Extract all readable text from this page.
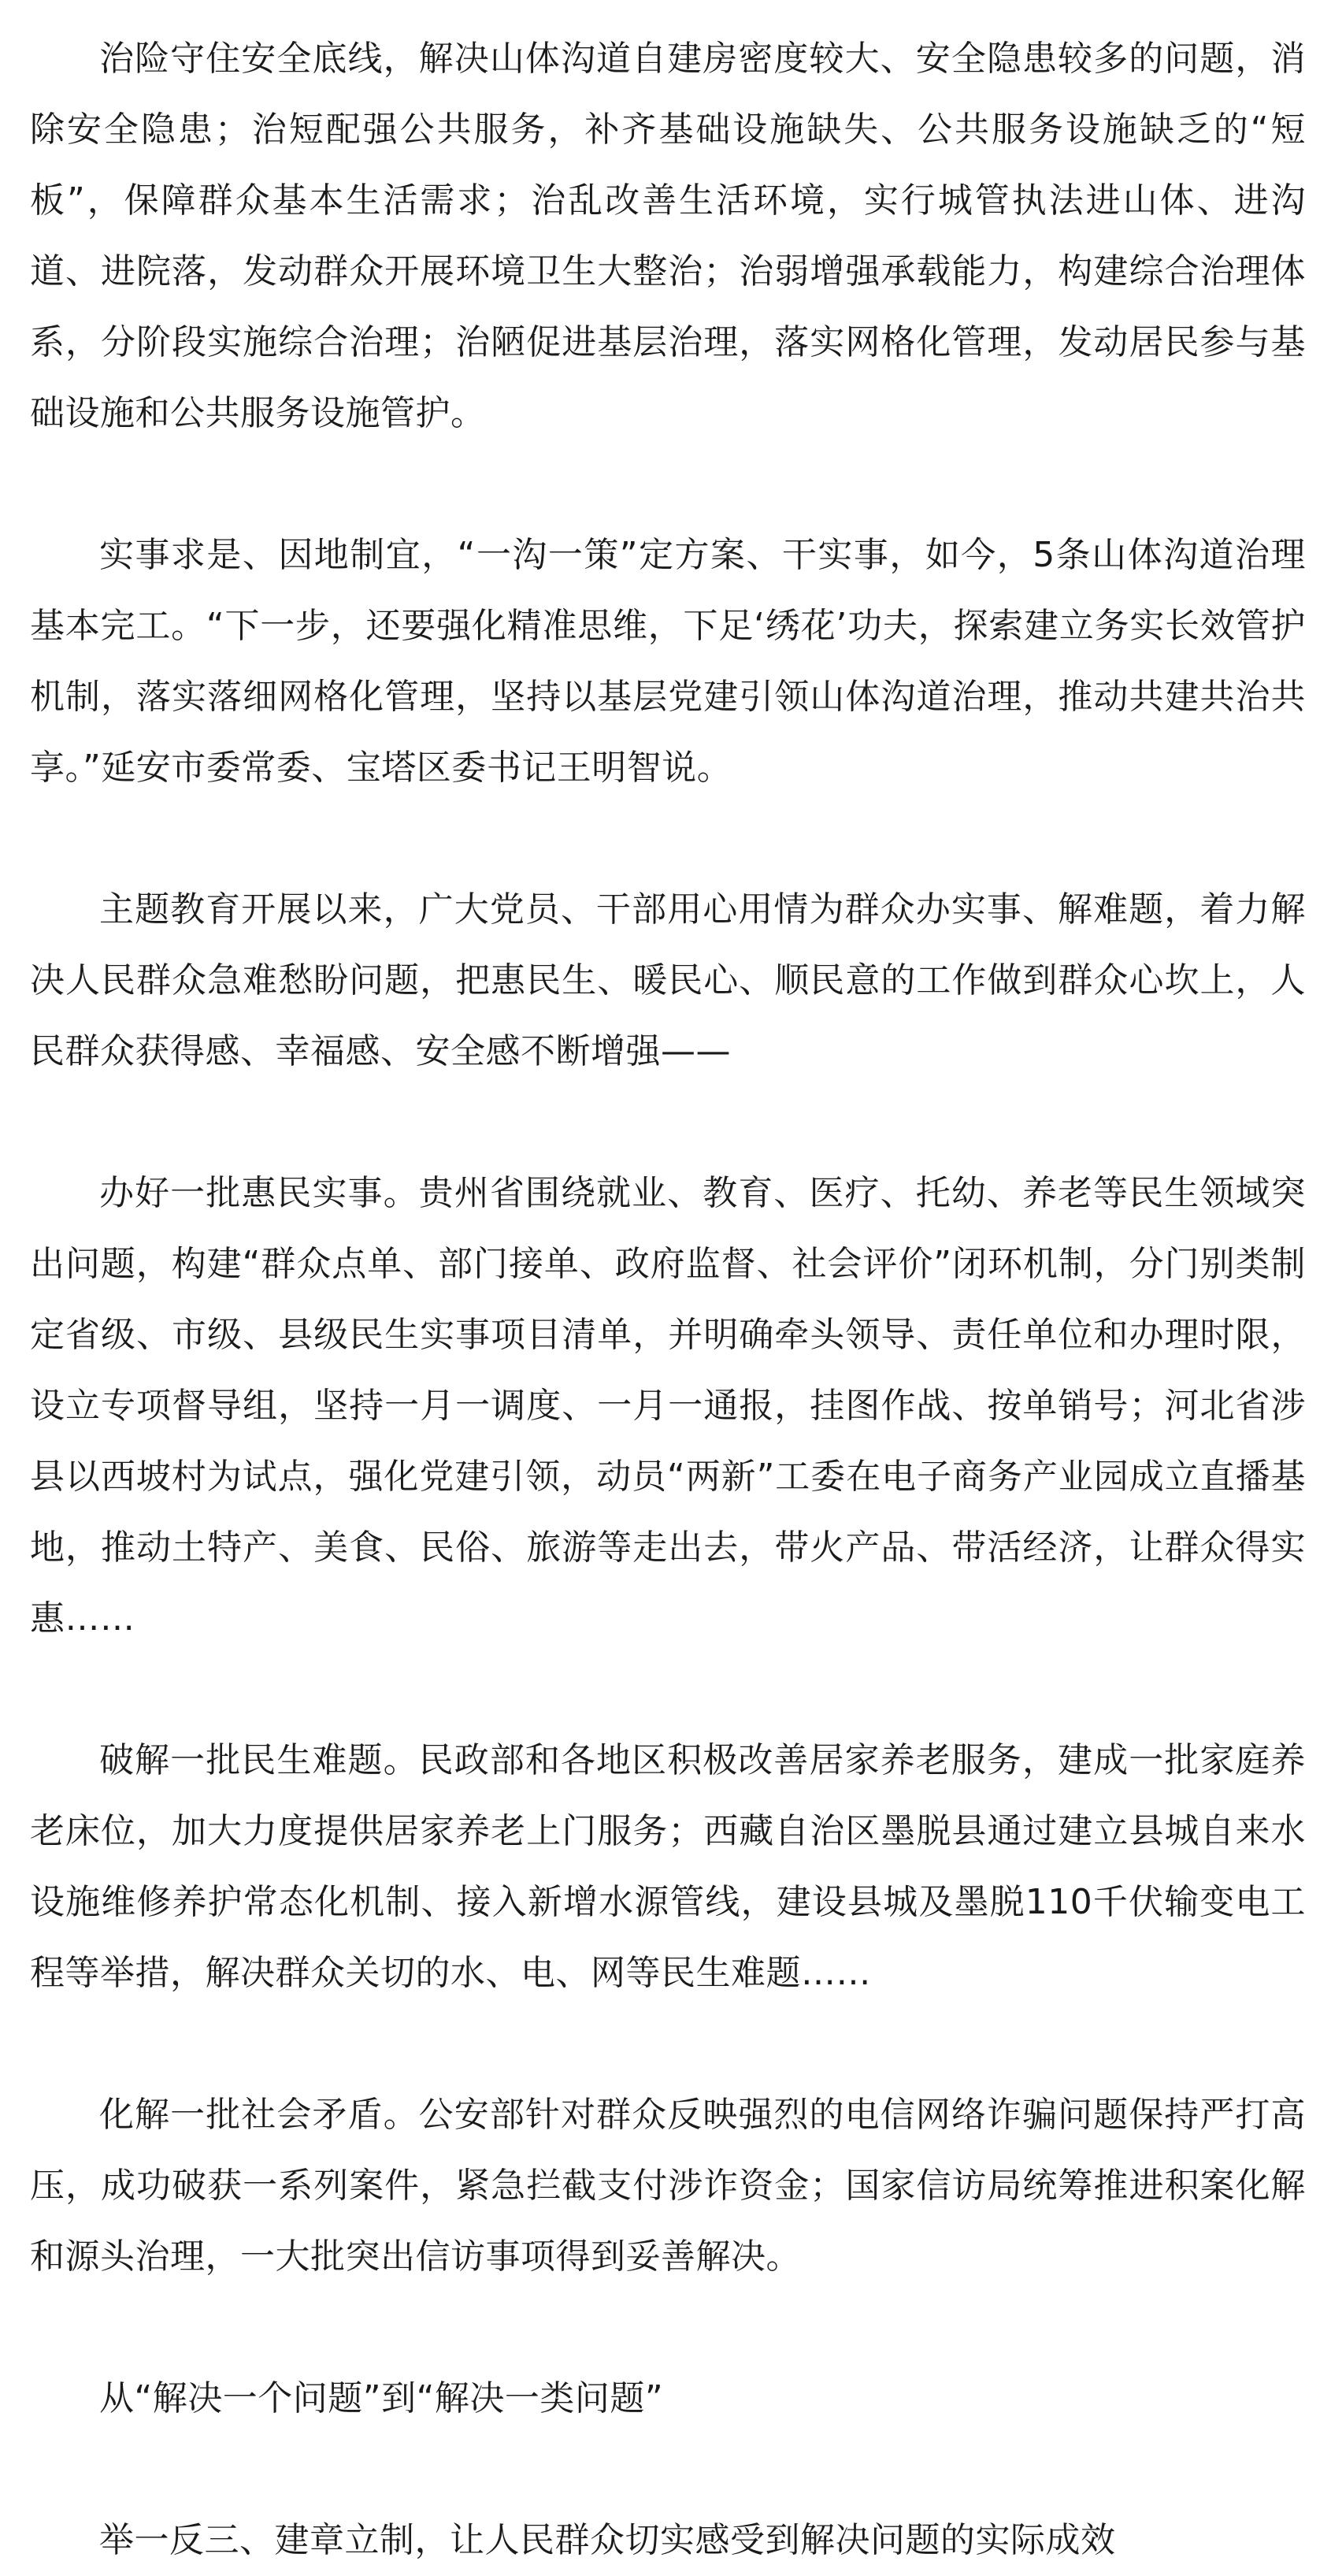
治险守住安全底线，解决山体沟道自建房密度较大、安全隐患较多的问题，消除安全隐患；治短配强公共服务，补齐基础设施缺失、公共服务设施缺乏的“短板”，保障群众基本生活需求；治乱改善生活环境，实行城管执法进山体、进沟道、进院落，发动群众开展环境卫生大整治；治弱增强承载能力，构建综合治理体系，分阶段实施综合治理；治陋促进基层治理，落实网格化管理，发动居民参与基础设施和公共服务设施管护。

实事求是、因地制宜，“一沟一策”定方案、干实事，如今，5条山体沟道治理基本完工。“下一步，还要强化精准思维，下足‘绣花’功夫，探索建立务实长效管护机制，落实落细网格化管理，坚持以基层党建引领山体沟道治理，推动共建共治共享。”延安市委常委、宝塔区委书记王明智说。

主题教育开展以来，广大党员、干部用心用情为群众办实事、解难题，着力解决人民群众急难愁盼问题，把惠民生、暖民心、顺民意的工作做到群众心坎上，人民群众获得感、幸福感、安全感不断增强——

办好一批惠民实事。贵州省围绕就业、教育、医疗、托幼、养老等民生领域突出问题，构建“群众点单、部门接单、政府监督、社会评价”闭环机制，分门别类制定省级、市级、县级民生实事项目清单，并明确牵头领导、责任单位和办理时限，设立专项督导组，坚持一月一调度、一月一通报，挂图作战、按单销号；河北省涉县以西坡村为试点，强化党建引领，动员“两新”工委在电子商务产业园成立直播基地，推动土特产、美食、民俗、旅游等走出去，带火产品、带活经济，让群众得实惠……

破解一批民生难题。民政部和各地区积极改善居家养老服务，建成一批家庭养老床位，加大力度提供居家养老上门服务；西藏自治区墨脱县通过建立县城自来水设施维修养护常态化机制、接入新增水源管线，建设县城及墨脱110千伏输变电工程等举措，解决群众关切的水、电、网等民生难题……

化解一批社会矛盾。公安部针对群众反映强烈的电信网络诈骗问题保持严打高压，成功破获一系列案件，紧急拦截支付涉诈资金；国家信访局统筹推进积案化解和源头治理，一大批突出信访事项得到妥善解决。

从“解决一个问题”到“解决一类问题”

举一反三、建章立制，让人民群众切实感受到解决问题的实际成效
